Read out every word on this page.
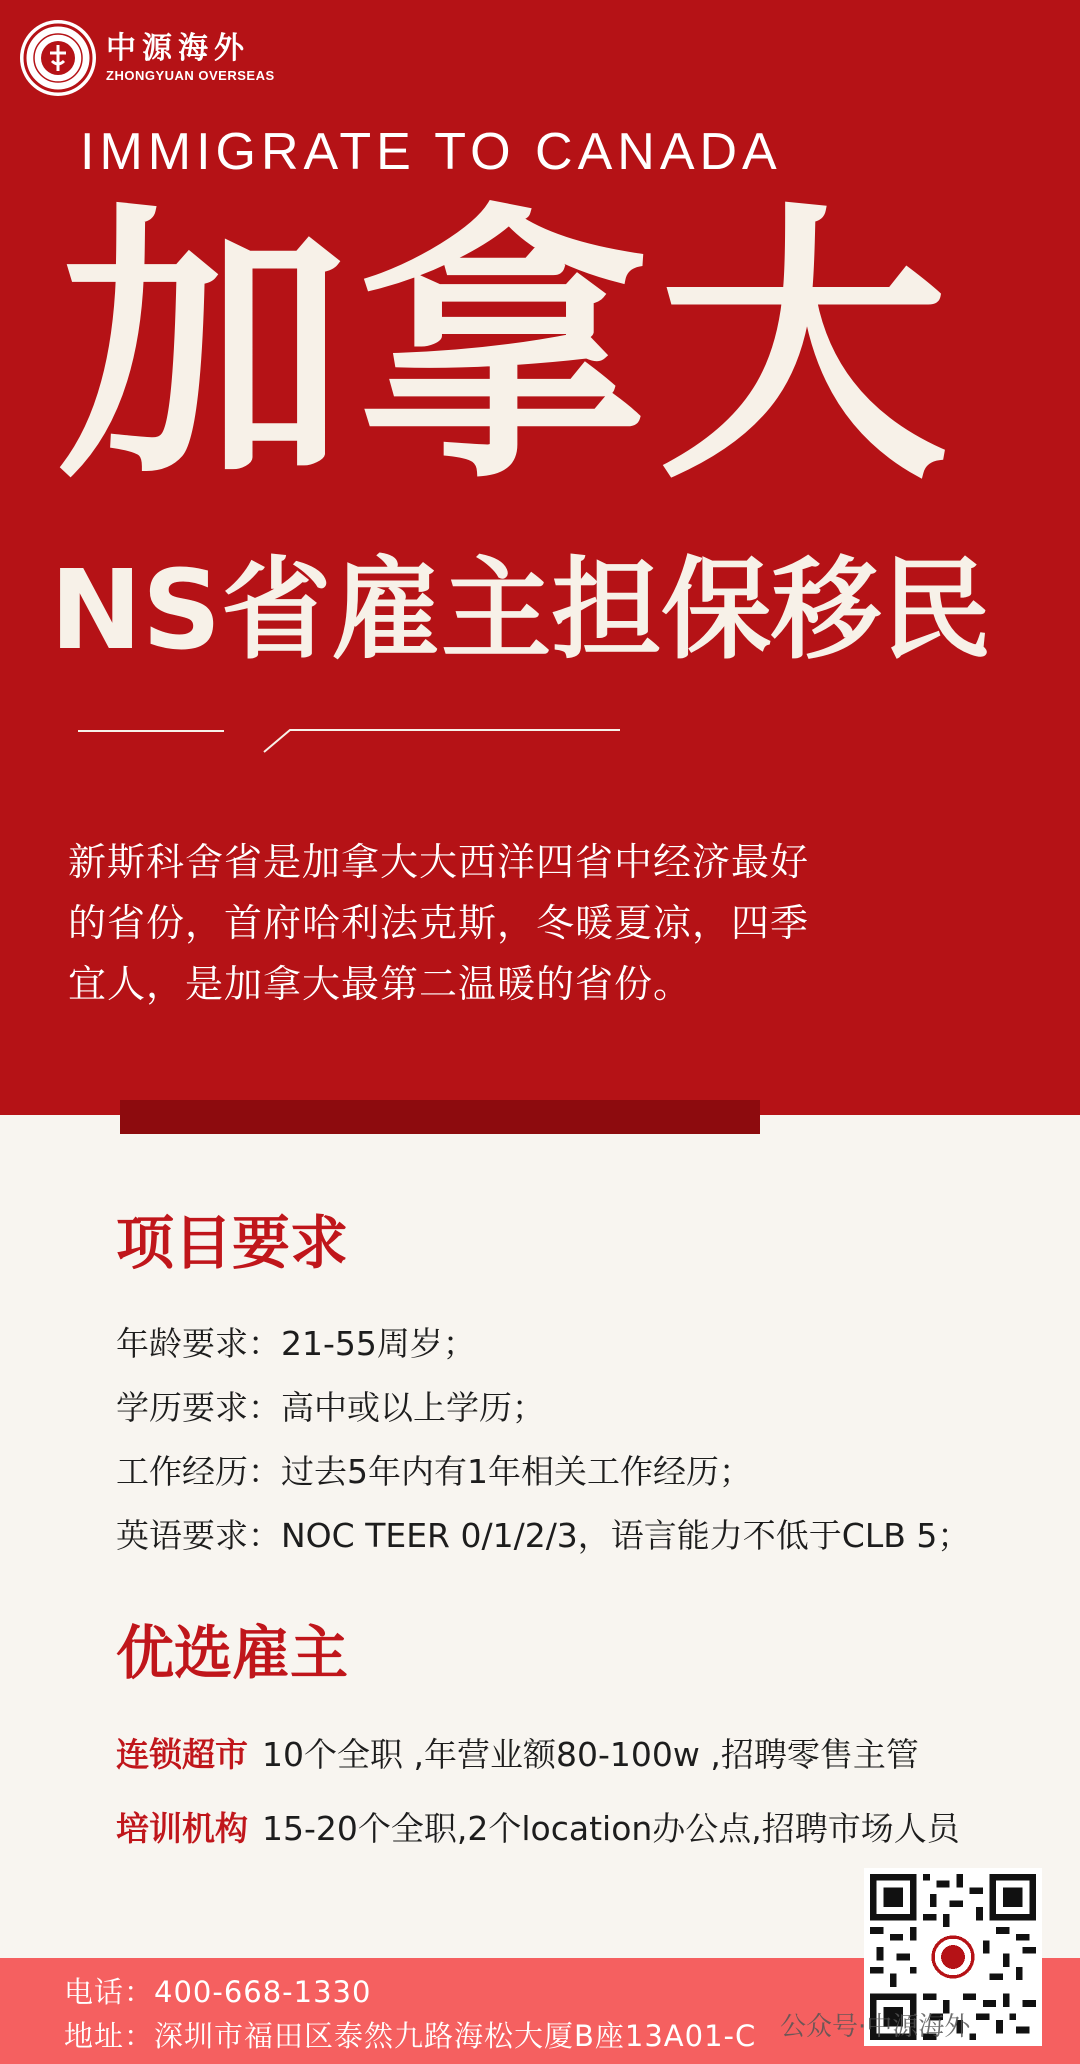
中源海外
ZHONGYUAN OVERSEAS
IMMIGRATE TO CANADA
加拿大
NS省雇主担保移民
新斯科舍省是加拿大大西洋四省中经济最好
的省份，首府哈利法克斯，冬暖夏凉，四季
宜人，是加拿大最第二温暖的省份。
项目要求
年龄要求：21-55周岁；
学历要求：高中或以上学历；
工作经历：过去5年内有1年相关工作经历；
英语要求：NOC TEER 0/1/2/3，语言能力不低于CLB 5；
优选雇主
连锁超市 10个全职 ,年营业额80-100w ,招聘零售主管
培训机构 15-20个全职,2个location办公点,招聘市场人员
电话：400-668-1330
地址：深圳市福田区泰然九路海松大厦B座13A01-C 公众号·中源海外
